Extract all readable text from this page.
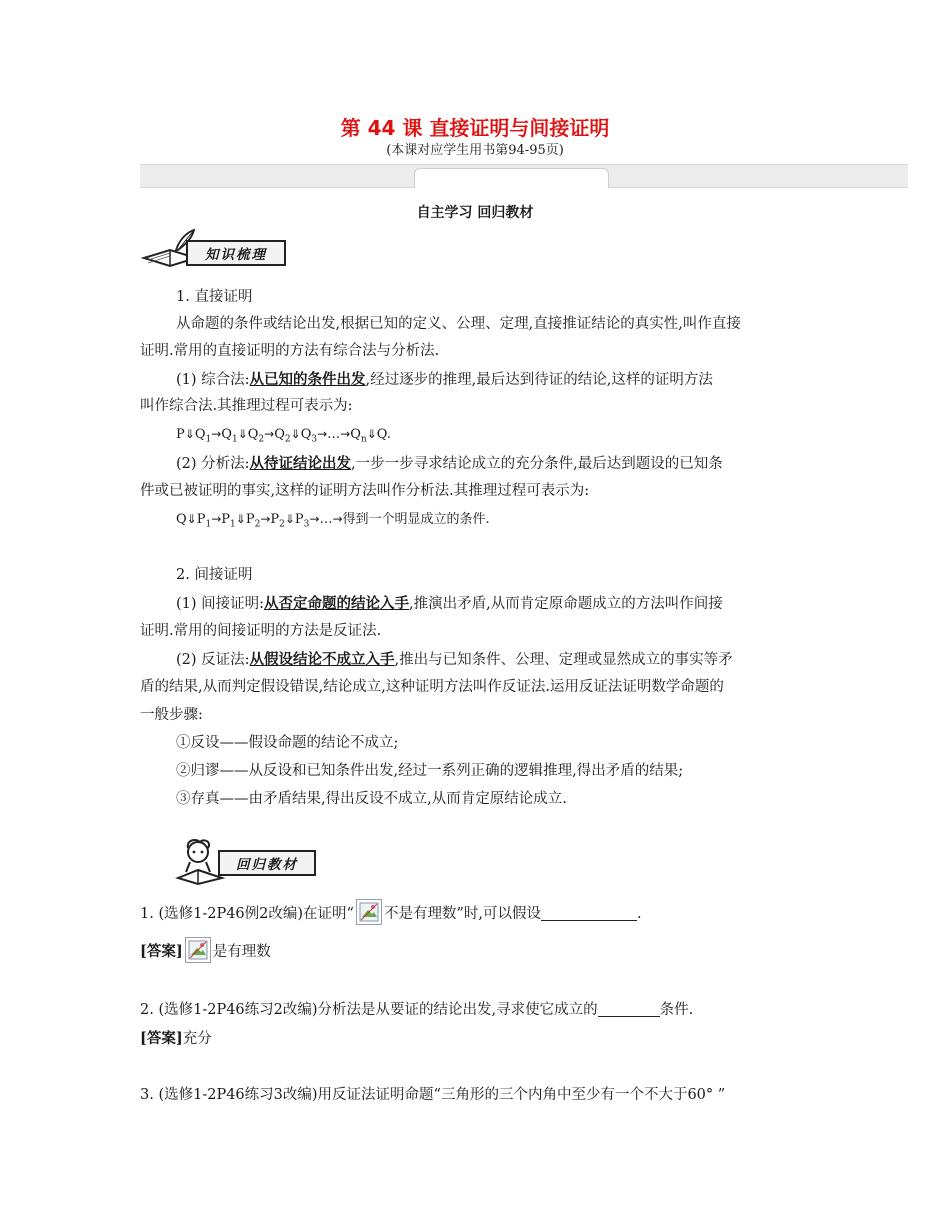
第 44 课 直接证明与间接证明
(本课对应学生用书第94-95页)
自主学习 回归教材
知识梳理
1. 直接证明
从命题的条件或结论出发,根据已知的定义、公理、定理,直接推证结论的真实性,叫作直接
证明.常用的直接证明的方法有综合法与分析法.
(1) 综合法:从已知的条件出发,经过逐步的推理,最后达到待证的结论,这样的证明方法
叫作综合法.其推理过程可表示为:
$P⇓Q_1\to Q_1⇓Q_2\to Q_2⇓Q_3\to\dots\to Q_n⇓Q$.
(2) 分析法:从待证结论出发,一步一步寻求结论成立的充分条件,最后达到题设的已知条
件或已被证明的事实,这样的证明方法叫作分析法.其推理过程可表示为:
$Q⇓P_1\to P_1⇓P_2\to P_2⇓P_3\to\dots\to$得到一个明显成立的条件.
2. 间接证明
(1) 间接证明:从否定命题的结论入手,推演出矛盾,从而肯定原命题成立的方法叫作间接
证明.常用的间接证明的方法是反证法.
(2) 反证法:从假设结论不成立入手,推出与已知条件、公理、定理或显然成立的事实等矛
盾的结果,从而判定假设错误,结论成立,这种证明方法叫作反证法.运用反证法证明数学命题的
一般步骤:
①反设——假设命题的结论不成立;
②归谬——从反设和已知条件出发,经过一系列正确的逻辑推理,得出矛盾的结果;
③存真——由矛盾结果,得出反设不成立,从而肯定原结论成立.
回归教材
1. (选修1-2P46例2改编)在证明“ 不是有理数”时,可以假设	.
[答案] 是有理数
2. (选修1-2P46练习2改编)分析法是从要证的结论出发,寻求使它成立的	条件.
[答案]充分
3. (选修1-2P46练习3改编)用反证法证明命题“三角形的三个内角中至少有一个不大于60° ”
